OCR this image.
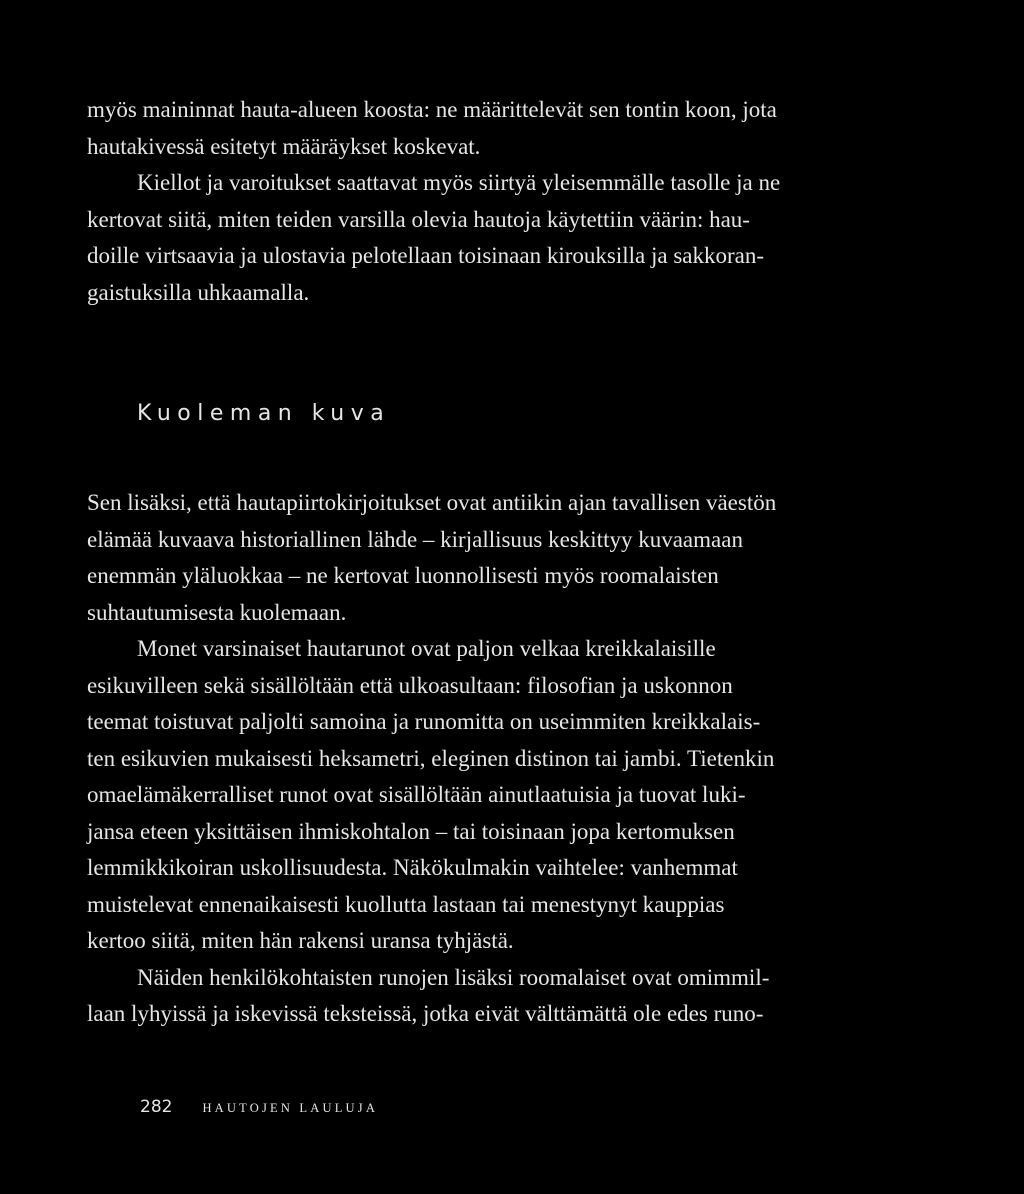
myös maininnat hauta-alueen koosta: ne määrittelevät sen tontin koon, jota
hautakivessä esitetyt määräykset koskevat.
Kiellot ja varoitukset saattavat myös siirtyä yleisemmälle tasolle ja ne
kertovat siitä, miten teiden varsilla olevia hautoja käytettiin väärin: hau-
doille virtsaavia ja ulostavia pelotellaan toisinaan kirouksilla ja sakkoran-
gaistuksilla uhkaamalla.
Kuoleman kuva
Sen lisäksi, että hautapiirtokirjoitukset ovat antiikin ajan tavallisen väestön
elämää kuvaava historiallinen lähde – kirjallisuus keskittyy kuvaamaan
enemmän yläluokkaa – ne kertovat luonnollisesti myös roomalaisten
suhtautumisesta kuolemaan.
Monet varsinaiset hautarunot ovat paljon velkaa kreikkalaisille
esikuvilleen sekä sisällöltään että ulkoasultaan: filosofian ja uskonnon
teemat toistuvat paljolti samoina ja runomitta on useimmiten kreikkalais-
ten esikuvien mukaisesti heksametri, eleginen distinon tai jambi. Tietenkin
omaelämäkerralliset runot ovat sisällöltään ainutlaatuisia ja tuovat luki-
jansa eteen yksittäisen ihmiskohtalon – tai toisinaan jopa kertomuksen
lemmikkikoiran uskollisuudesta. Näkökulmakin vaihtelee: vanhemmat
muistelevat ennenaikaisesti kuollutta lastaan tai menestynyt kauppias
kertoo siitä, miten hän rakensi uransa tyhjästä.
Näiden henkilökohtaisten runojen lisäksi roomalaiset ovat omimmil-
laan lyhyissä ja iskevissä teksteissä, jotka eivät välttämättä ole edes runo-
282 HAUTOJEN LAULUJA
